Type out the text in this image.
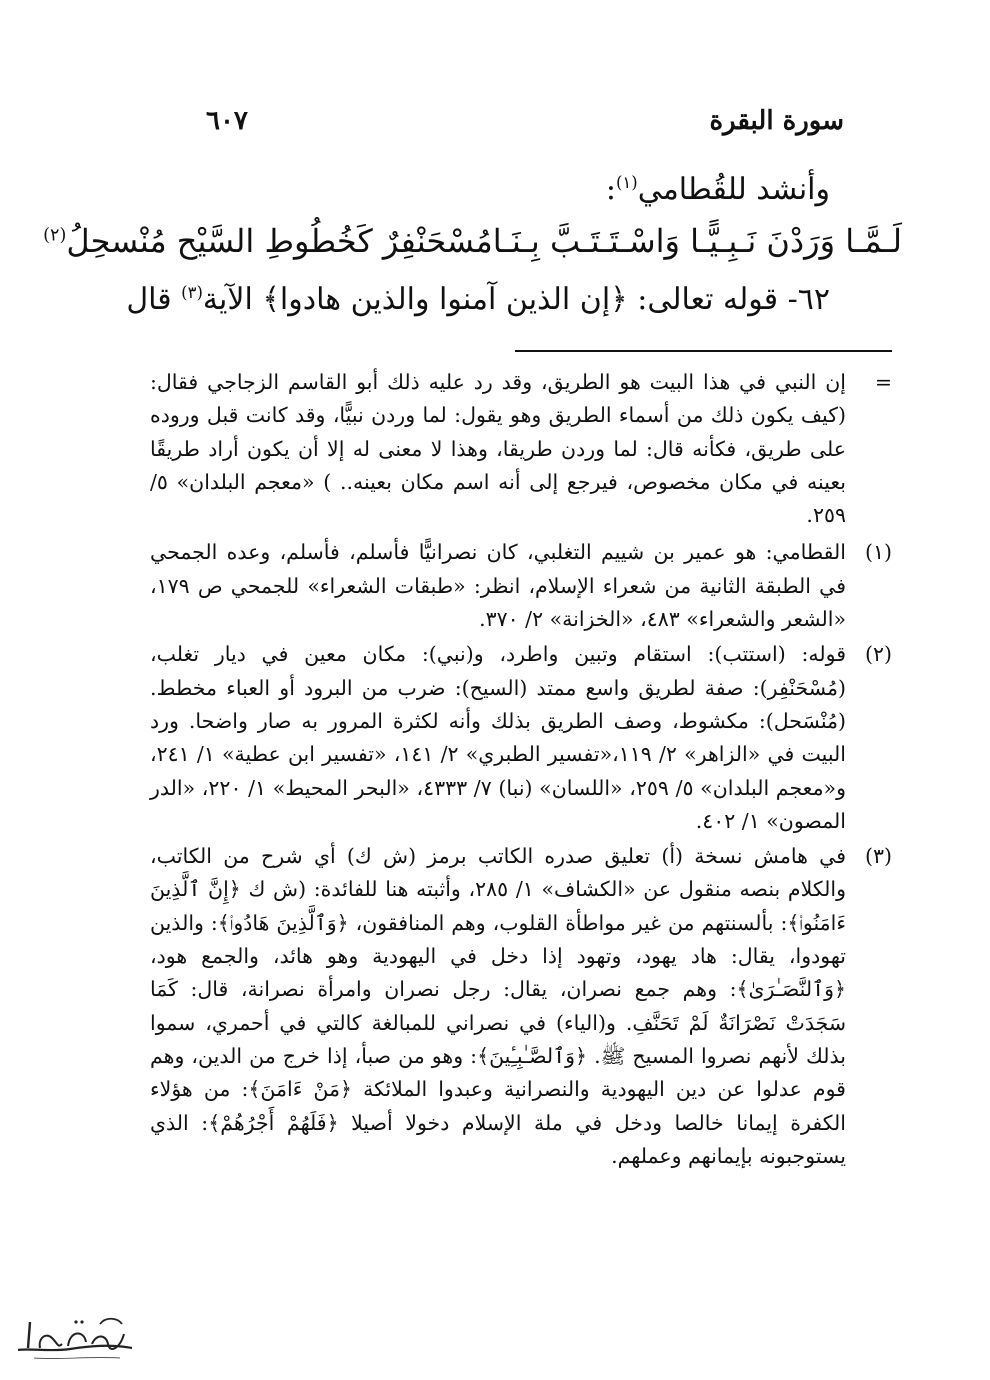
سورة البقرة
٦٠٧
وأنشد للقُطامي$^{(١)}$:
لَـمَّـا وَرَدْنَ نَـبِـيًّـا وَاسْـتَـتَـبَّ بِـنَـا
مُسْحَنْفِرٌ كَخُطُوطِ السَّيْح مُنْسحِلُ$^{(٢)}$
٦٢- قوله تعالى: ﴿إن الذين آمنوا والذين هادوا﴾ الآية$^{(٣)}$ قال
=
إن النبي في هذا البيت هو الطريق، وقد رد عليه ذلك أبو القاسم الزجاجي فقال: (كيف يكون ذلك من أسماء الطريق وهو يقول: لما وردن نبيًّا، وقد كانت قبل وروده على طريق، فكأنه قال: لما وردن طريقا، وهذا لا معنى له إلا أن يكون أراد طريقًا بعينه في مكان مخصوص، فيرجع إلى أنه اسم مكان بعينه.. ) «معجم البلدان» ٥/ ٢٥٩.
(١)
القطامي: هو عمير بن شييم التغلبي، كان نصرانيًّا فأسلم، فأسلم، وعده الجمحي في الطبقة الثانية من شعراء الإسلام، انظر: «طبقات الشعراء» للجمحي ص ١٧٩، «الشعر والشعراء» ٤٨٣، «الخزانة» ٢/ ٣٧٠.
(٢)
قوله: (استتب): استقام وتبين واطرد، و(نبي): مكان معين في ديار تغلب، (مُسْحَنْفِر): صفة لطريق واسع ممتد (السيح): ضرب من البرود أو العباء مخطط. (مُنْسَحل): مكشوط، وصف الطريق بذلك وأنه لكثرة المرور به صار واضحا. ورد البيت في «الزاهر» ٢/ ١١٩،«تفسير الطبري» ٢/ ١٤١، «تفسير ابن عطية» ١/ ٢٤١، و«معجم البلدان» ٥/ ٢٥٩، «اللسان» (نبا) ٧/ ٤٣٣٣، «البحر المحيط» ١/ ٢٢٠، «الدر المصون» ١/ ٤٠٢.
(٣)
في هامش نسخة (أ) تعليق صدره الكاتب برمز (ش ك) أي شرح من الكاتب، والكلام بنصه منقول عن «الكشاف» ١/ ٢٨٥، وأثبته هنا للفائدة: (ش ك ﴿إِنَّ ٱلَّذِينَ ءَامَنُوا۟﴾: بألسنتهم من غير مواطأة القلوب، وهم المنافقون، ﴿وَٱلَّذِينَ هَادُوا۟﴾: والذين تهودوا، يقال: هاد يهود، وتهود إذا دخل في اليهودية وهو هائد، والجمع هود، ﴿وَٱلنَّصَـٰرَىٰ﴾: وهم جمع نصران، يقال: رجل نصران وامرأة نصرانة، قال: كَمَا سَجَدَتْ نَصْرَانَةٌ لَمْ تَحَنَّفِ. و(الياء) في نصراني للمبالغة كالتي في أحمري، سموا بذلك لأنهم نصروا المسيح ﷺ. ﴿وَٱلصَّـٰبِـِٔينَ﴾: وهو من صبأ، إذا خرج من الدين، وهم قوم عدلوا عن دين اليهودية والنصرانية وعبدوا الملائكة ﴿مَنْ ءَامَنَ﴾: من هؤلاء الكفرة إيمانا خالصا ودخل في ملة الإسلام دخولا أصيلا ﴿فَلَهُمْ أَجْرُهُمْ﴾: الذي يستوجبونه بإيمانهم وعملهم.
